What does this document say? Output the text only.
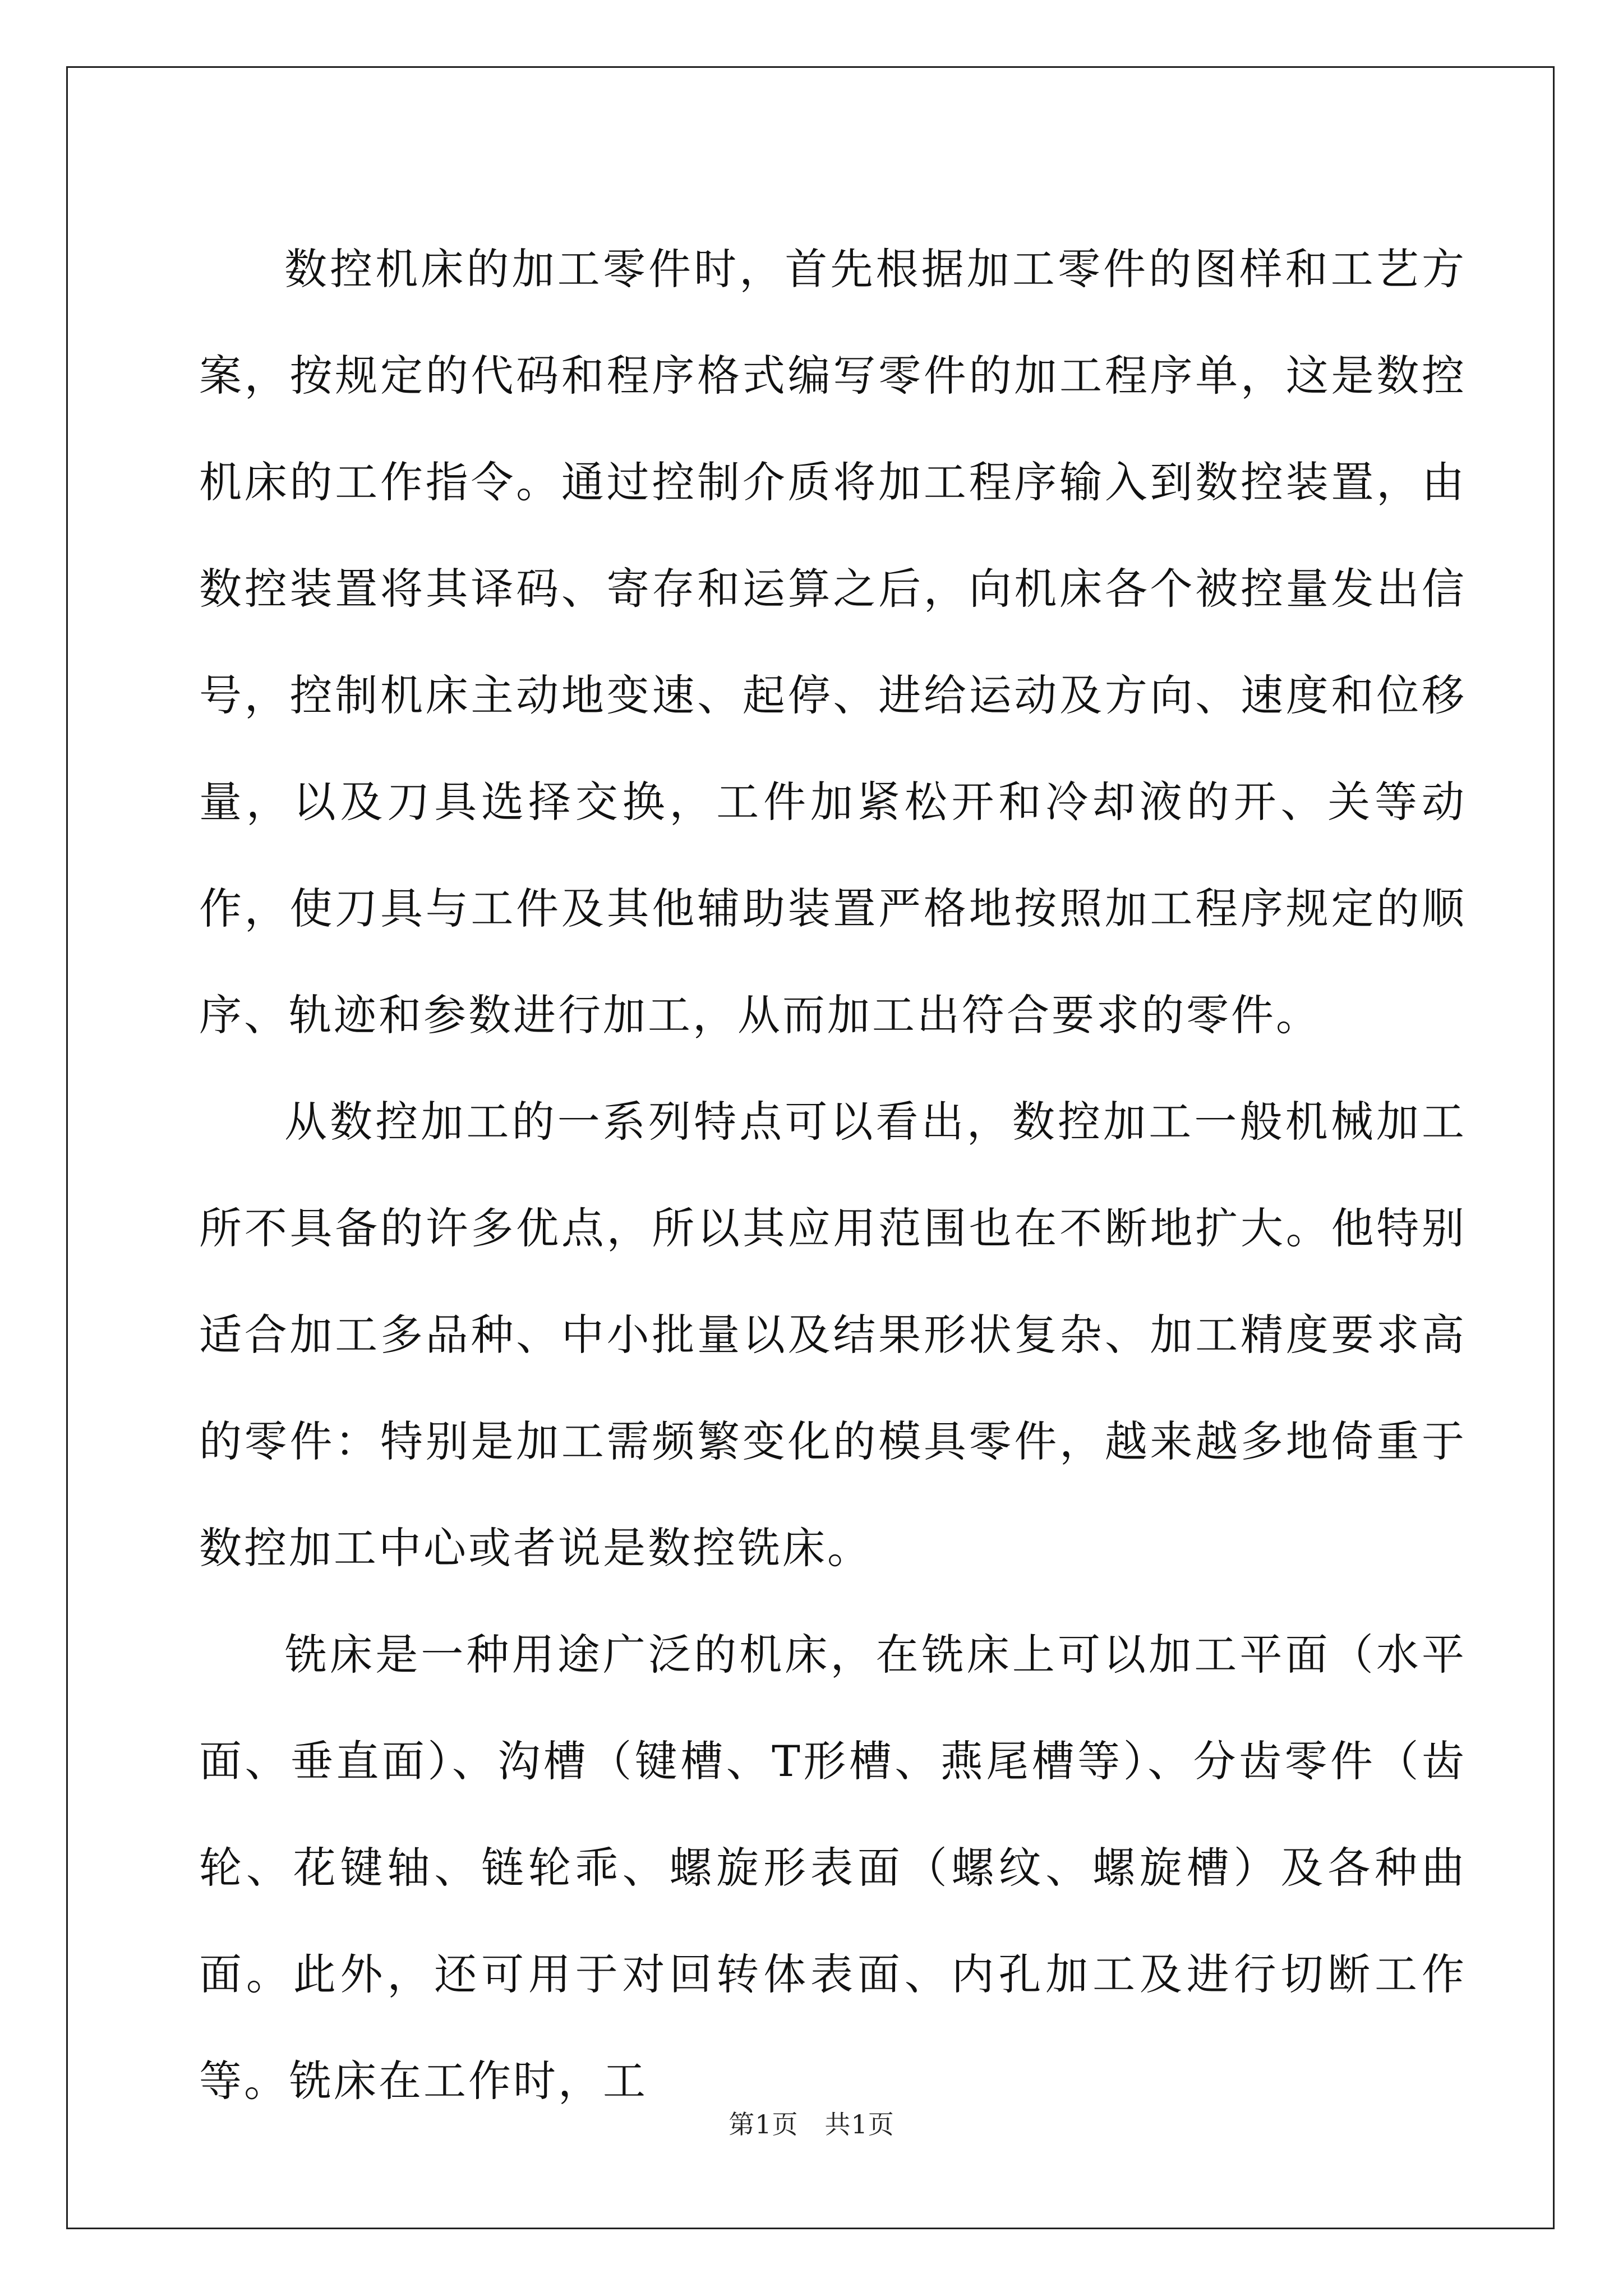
数控机床的加工零件时，首先根据加工零件的图样和工艺方案，按规定的代码和程序格式编写零件的加工程序单，这是数控机床的工作指令。通过控制介质将加工程序输入到数控装置，由数控装置将其译码、寄存和运算之后，向机床各个被控量发出信号，控制机床主动地变速、起停、进给运动及方向、速度和位移量，以及刀具选择交换，工件加紧松开和冷却液的开、关等动作，使刀具与工件及其他辅助装置严格地按照加工程序规定的顺序、轨迹和参数进行加工，从而加工出符合要求的零件。

从数控加工的一系列特点可以看出，数控加工一般机械加工所不具备的许多优点，所以其应用范围也在不断地扩大。他特别适合加工多品种、中小批量以及结果形状复杂、加工精度要求高的零件：特别是加工需频繁变化的模具零件，越来越多地倚重于数控加工中心或者说是数控铣床。

铣床是一种用途广泛的机床，在铣床上可以加工平面（水平面、垂直面）、沟槽（键槽、T形槽、燕尾槽等）、分齿零件（齿轮、花键轴、链轮乖、螺旋形表面（螺纹、螺旋槽）及各种曲面。此外，还可用于对回转体表面、内孔加工及进行切断工作等。铣床在工作时，工

第1页　共1页
